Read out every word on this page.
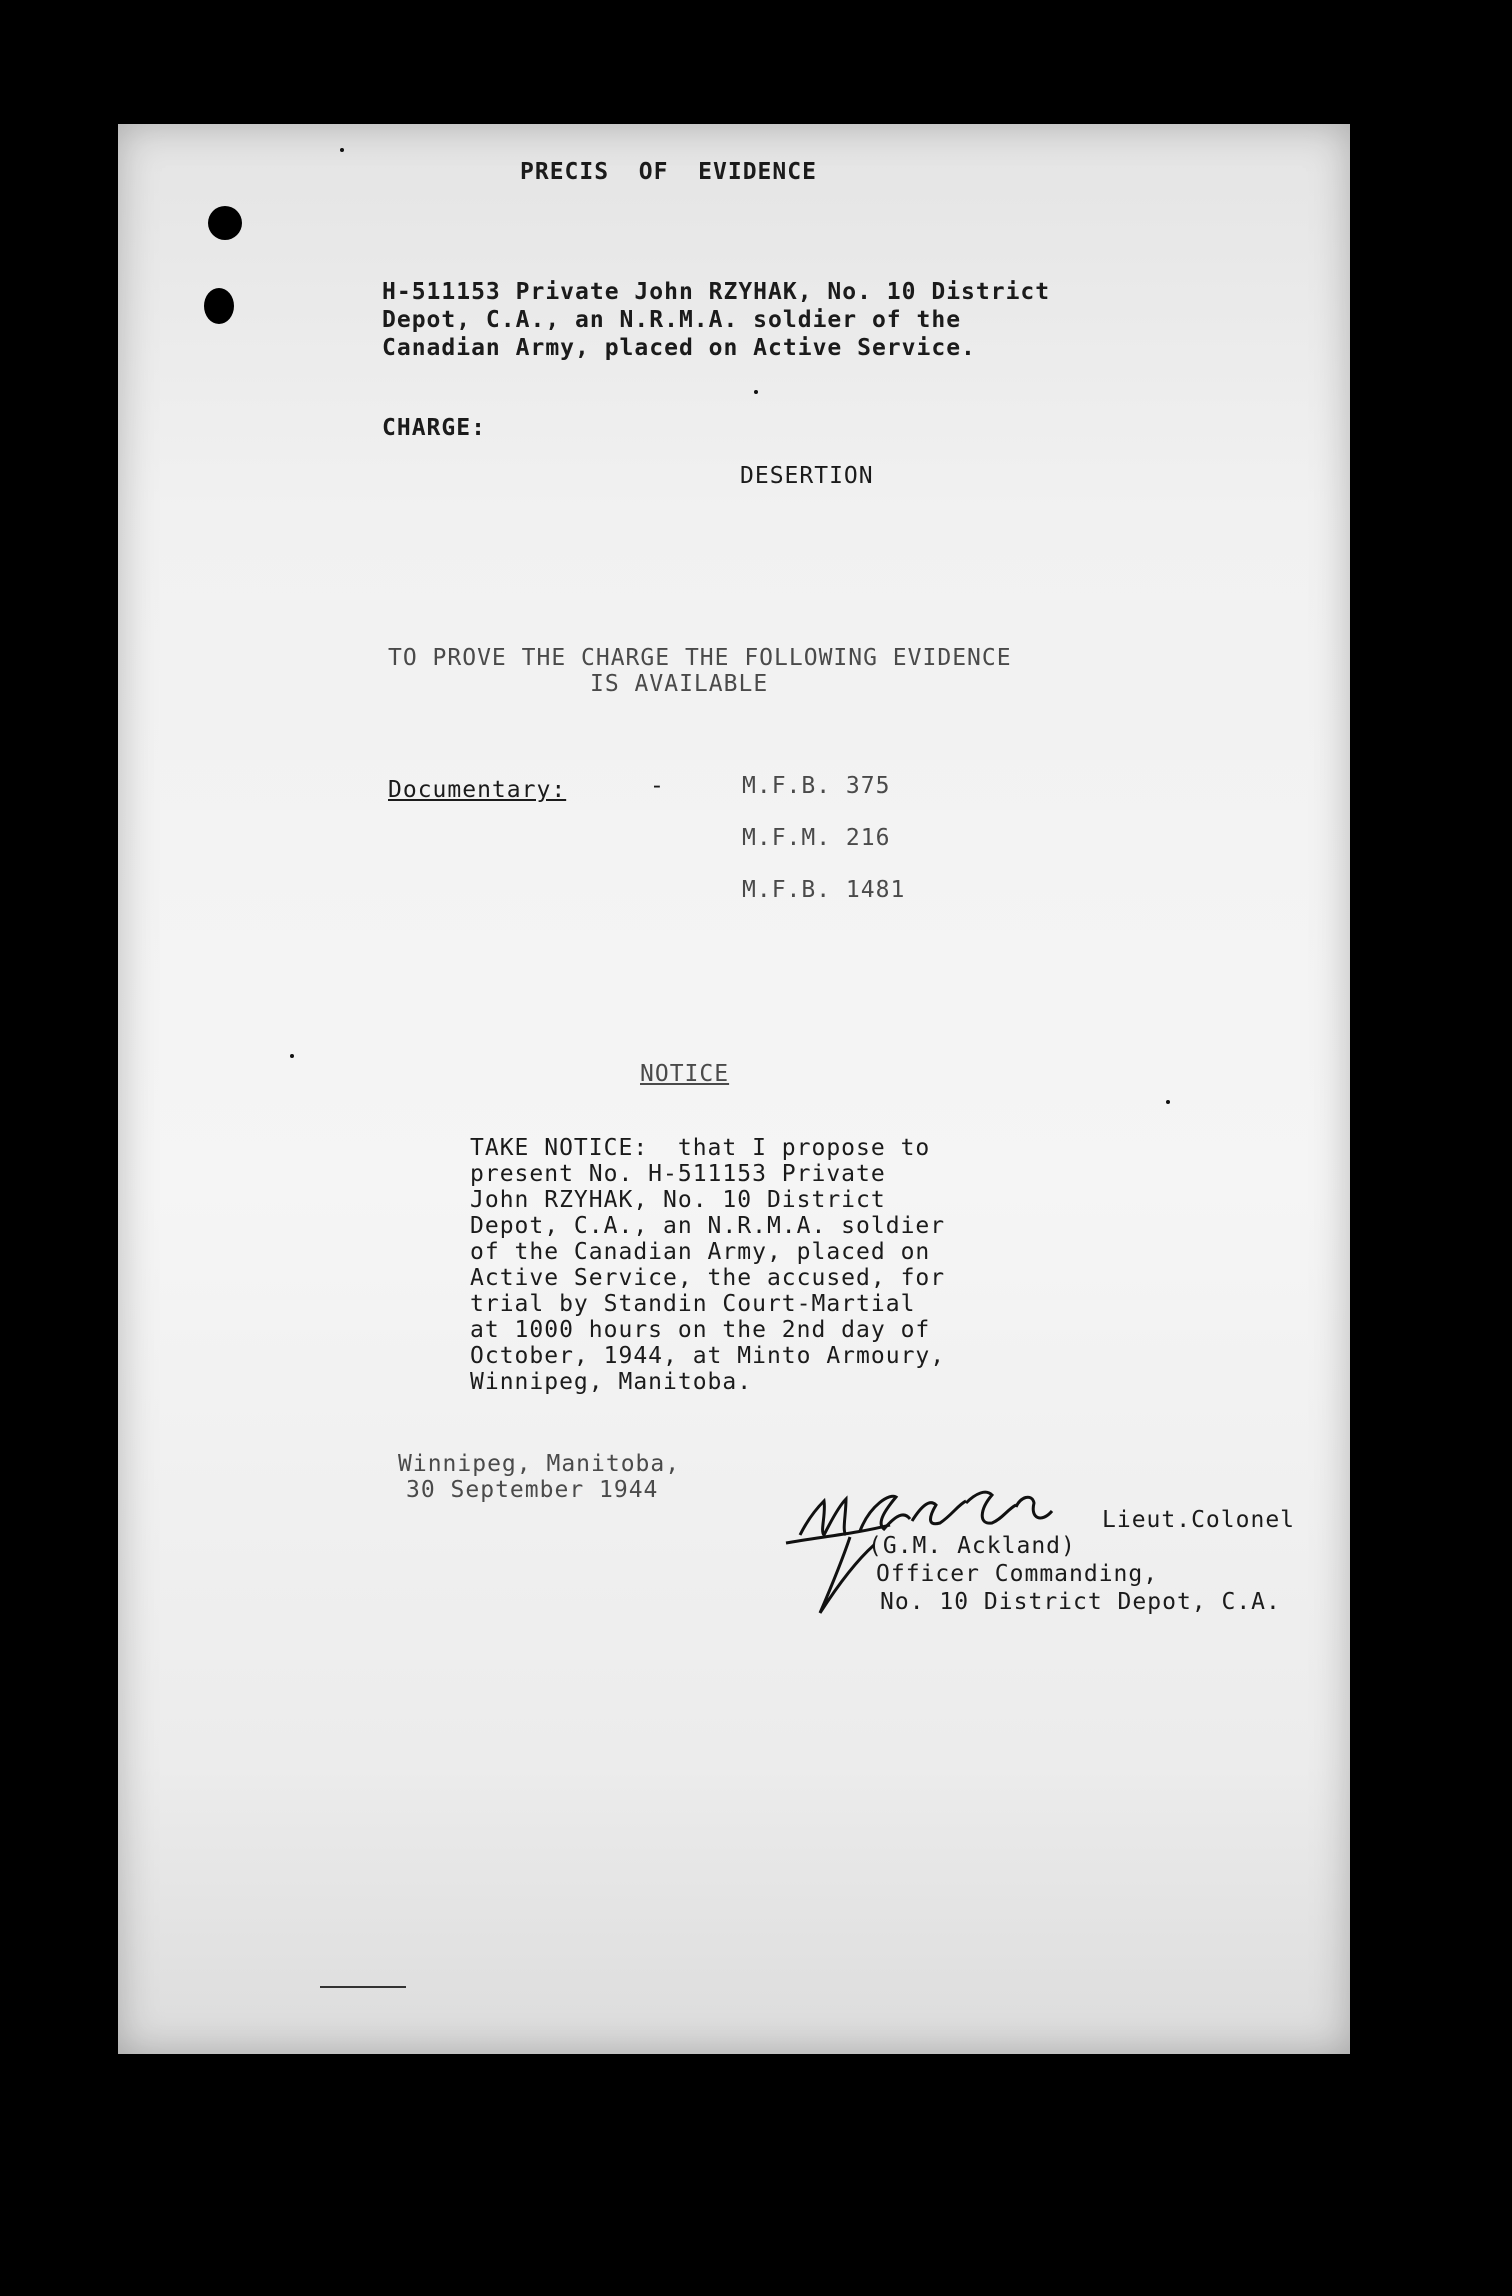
PRECIS  OF  EVIDENCE
H-511153 Private John RZYHAK, No. 10 District
Depot, C.A., an N.R.M.A. soldier of the
Canadian Army, placed on Active Service.
CHARGE:
DESERTION
TO PROVE THE CHARGE THE FOLLOWING EVIDENCE
IS AVAILABLE
Documentary:	-	M.F.B. 375
M.F.M. 216
M.F.B. 1481
NOTICE
TAKE NOTICE:  that I propose to
present No. H-511153 Private
John RZYHAK, No. 10 District
Depot, C.A., an N.R.M.A. soldier
of the Canadian Army, placed on
Active Service, the accused, for
trial by Standin Court-Martial
at 1000 hours on the 2nd day of
October, 1944, at Minto Armoury,
Winnipeg, Manitoba.
Winnipeg, Manitoba,
30 September 1944
Lieut.Colonel
(G.M. Ackland)
Officer Commanding,
No. 10 District Depot, C.A.
